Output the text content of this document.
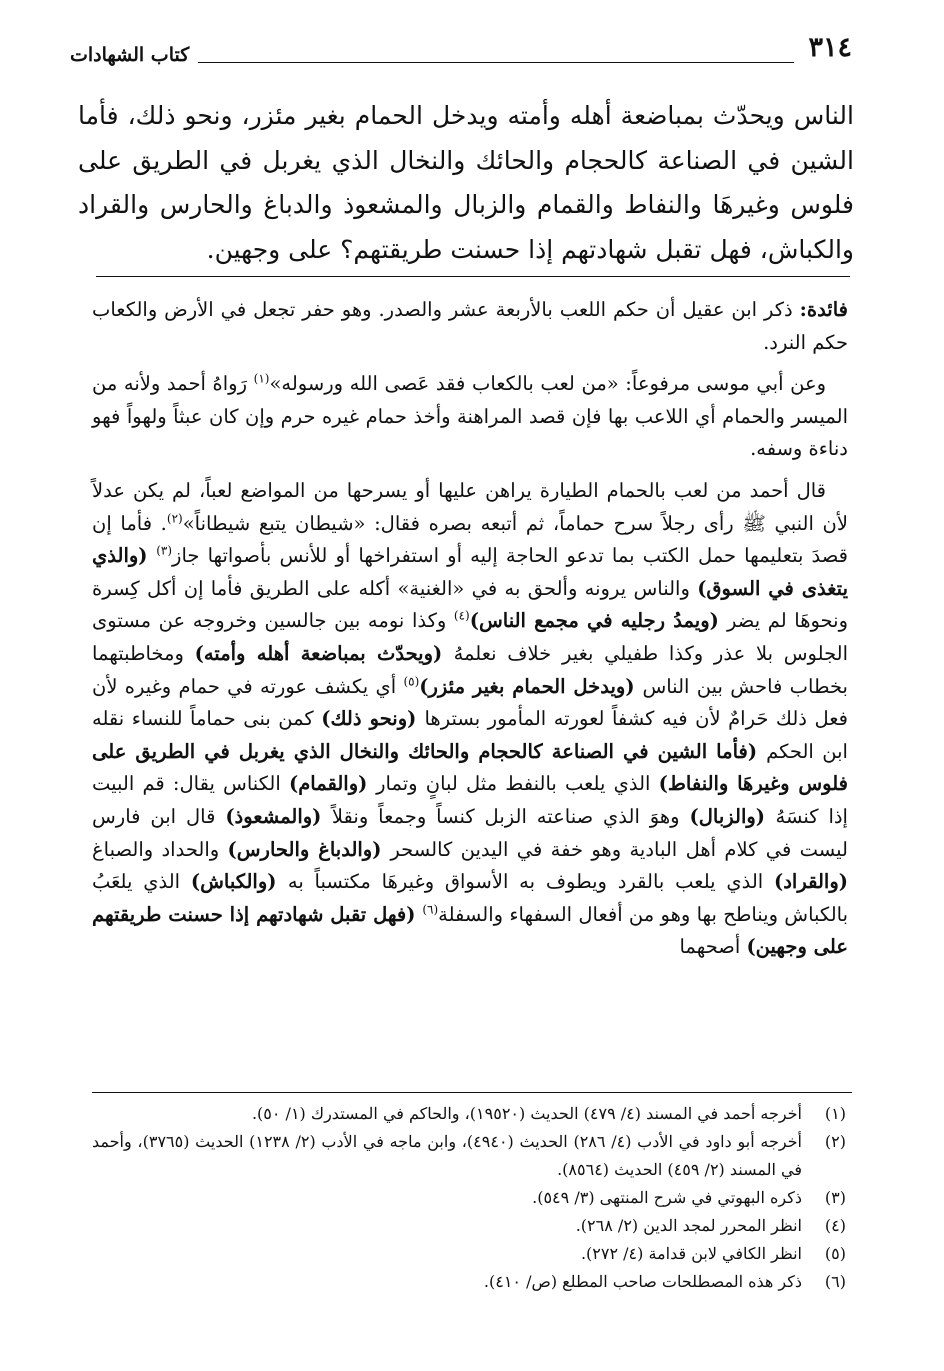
كتاب الشهادات	٣١٤

الناس ويحدّث بمباضعة أهله وأمته ويدخل الحمام بغير مئزر، ونحو ذلك، فأما الشين في الصناعة كالحجام والحائك والنخال الذي يغربل في الطريق على فلوس وغيرهَا والنفاط والقمام والزبال والمشعوذ والدباغ والحارس والقراد والكباش، فهل تقبل شهادتهم إذا حسنت طريقتهم؟ على وجهين.

فائدة: ذكر ابن عقيل أن حكم اللعب بالأربعة عشر والصدر. وهو حفر تجعل في الأرض والكعاب حكم النرد.

وعن أبي موسى مرفوعاً: «من لعب بالكعاب فقد عَصى الله ورسوله»$^{(١)}$ رَواهُ أحمد ولأنه من الميسر والحمام أي اللاعب بها فإن قصد المراهنة وأخذ حمام غيره حرم وإن كان عبثاً ولهواً فهو دناءة وسفه.

قال أحمد من لعب بالحمام الطيارة يراهن عليها أو يسرحها من المواضع لعباً، لم يكن عدلاً لأن النبي ﷺ رأى رجلاً سرح حماماً، ثم أتبعه بصره فقال: «شيطان يتبع شيطاناً»$^{(٢)}$. فأما إن قصدَ بتعليمها حمل الكتب بما تدعو الحاجة إليه أو استفراخها أو للأنس بأصواتها جاز$^{(٣)}$ (والذي يتغذى في السوق) والناس يرونه وألحق به في «الغنية» أكله على الطريق فأما إن أكل كِسرة ونحوهَا لم يضر (ويمدُ رجليه في مجمع الناس)$^{(٤)}$ وكذا نومه بين جالسين وخروجه عن مستوى الجلوس بلا عذر وكذا طفيلي بغير خلاف نعلمهُ (ويحدّث بمباضعة أهله وأمته) ومخاطبتهما بخطاب فاحش بين الناس (ويدخل الحمام بغير مئزر)$^{(٥)}$ أي يكشف عورته في حمام وغيره لأن فعل ذلك حَرامٌ لأن فيه كشفاً لعورته المأمور بسترها (ونحو ذلك) كمن بنى حماماً للنساء نقله ابن الحكم (فأما الشين في الصناعة كالحجام والحائك والنخال الذي يغربل في الطريق على فلوس وغيرهَا والنفاط) الذي يلعب بالنفط مثل لبانٍ وتمار (والقمام) الكناس يقال: قم البيت إذا كنسَهُ (والزبال) وهوَ الذي صناعته الزبل كنساً وجمعاً ونقلاً (والمشعوذ) قال ابن فارس ليست في كلام أهل البادية وهو خفة في اليدين كالسحر (والدباغ والحارس) والحداد والصباغ (والقراد) الذي يلعب بالقرد ويطوف به الأسواق وغيرهَا مكتسباً به (والكباش) الذي يلعَبُ بالكباش ويناطح بها وهو من أفعال السفهاء والسفلة$^{(٦)}$ (فهل تقبل شهادتهم إذا حسنت طريقتهم على وجهين) أصحهما

(١)
أخرجه أحمد في المسند (٤/ ٤٧٩) الحديث (١٩٥٢٠)، والحاكم في المستدرك (١/ ٥٠).
(٢)
أخرجه أبو داود في الأدب (٤/ ٢٨٦) الحديث (٤٩٤٠)، وابن ماجه في الأدب (٢/ ١٢٣٨) الحديث (٣٧٦٥)، وأحمد في المسند (٢/ ٤٥٩) الحديث (٨٥٦٤).
(٣)
ذكره البهوتي في شرح المنتهى (٣/ ٥٤٩).
(٤)
انظر المحرر لمجد الدين (٢/ ٢٦٨).
(٥)
انظر الكافي لابن قدامة (٤/ ٢٧٢).
(٦)
ذكر هذه المصطلحات صاحب المطلع (ص/ ٤١٠).
